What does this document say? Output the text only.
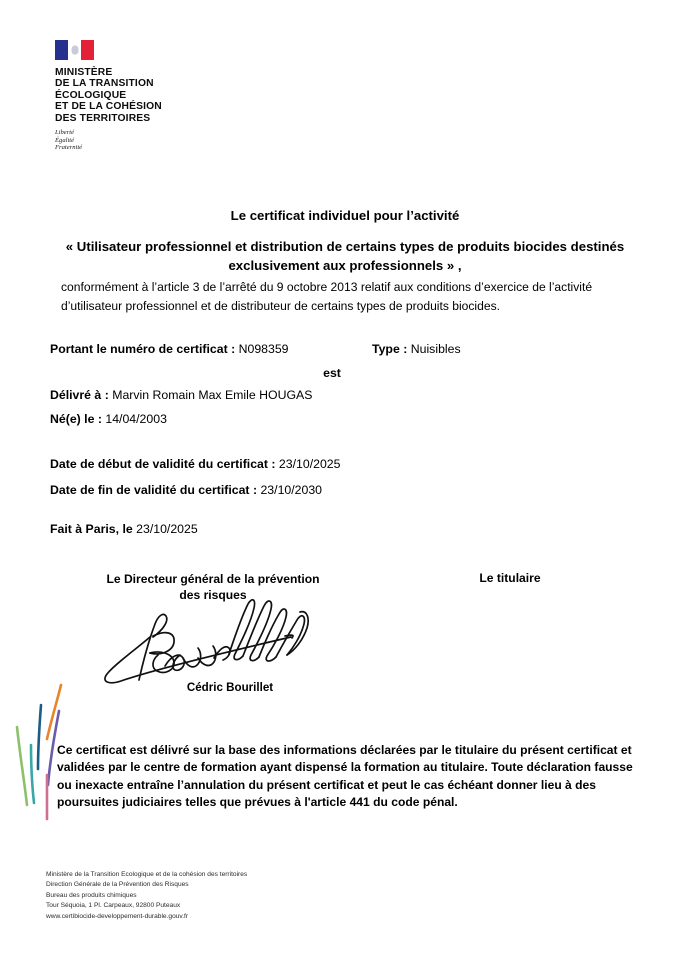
MINISTÈRE
DE LA TRANSITION
ÉCOLOGIQUE
ET DE LA COHÉSION
DES TERRITOIRES
Liberté
Égalité
Fraternité
Le certificat individuel pour l’activité
« Utilisateur professionnel et distribution de certains types de produits biocides destinés exclusivement aux professionnels » ,
conformément à l’article 3 de l’arrêté du 9 octobre 2013 relatif aux conditions d’exercice de l’activité d’utilisateur professionnel et de distributeur de certains types de produits biocides.
Portant le numéro de certificat : N098359	Type : Nuisibles
est
Délivré à : Marvin Romain Max Emile HOUGAS
Né(e) le : 14/04/2003
Date de début de validité du certificat : 23/10/2025
Date de fin de validité du certificat : 23/10/2030
Fait à Paris, le 23/10/2025
Le Directeur général de la prévention
des risques
Le titulaire
Cédric Bourillet
Ce certificat est délivré sur la base des informations déclarées par le titulaire du présent certificat et validées par le centre de formation ayant dispensé la formation au titulaire. Toute déclaration fausse ou inexacte entraîne l’annulation du présent certificat et peut le cas échéant donner lieu à des poursuites judiciaires telles que prévues à l'article 441 du code pénal.
Ministère de la Transition Ecologique et de la cohésion des territoires
Direction Générale de la Prévention des Risques
Bureau des produits chimiques
Tour Séquoia, 1 Pl. Carpeaux, 92800 Puteaux
www.certibiocide-developpement-durable.gouv.fr
